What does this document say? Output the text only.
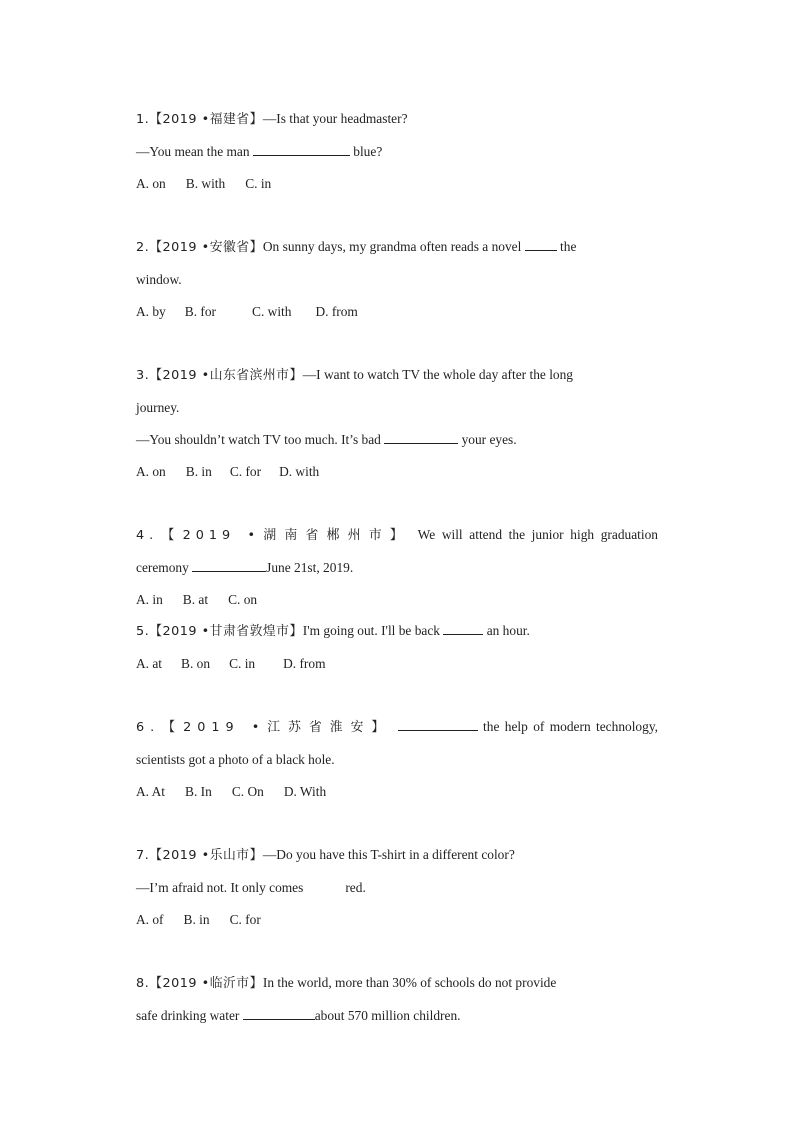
1.【2019 •福建省】—Is that your headmaster?
—You mean the man	blue?
A. on B. with C. in
2.【2019 •安徽省】On sunny days, my grandma often reads a novel  the
window.
A. by B. for	C. with D. from
3.【2019 •山东省滨州市】—I want to watch TV the whole day after the long
journey.
—You shouldn’t watch TV too much. It’s bad	your eyes.
A. on B. in C. for D. with
4.【2019 •湖南省郴州市】 We will attend the junior high graduation
ceremony	June 21st, 2019.
A. in B. at C. on
5.【2019 •甘肃省敦煌市】I'm going out. I'll be back	an hour.
A. at B. on C. in D. from
6.【2019 •江苏省淮安】	the help of modern technology,
scientists got a photo of a black hole.
A. At B. In C. On D. With
7.【2019 •乐山市】—Do you have this T-shirt in a different color?
—I’m afraid not. It only comes	red.
A. of B. in C. for
8.【2019 •临沂市】In the world, more than 30% of schools do not provide
safe drinking water	about 570 million children.
